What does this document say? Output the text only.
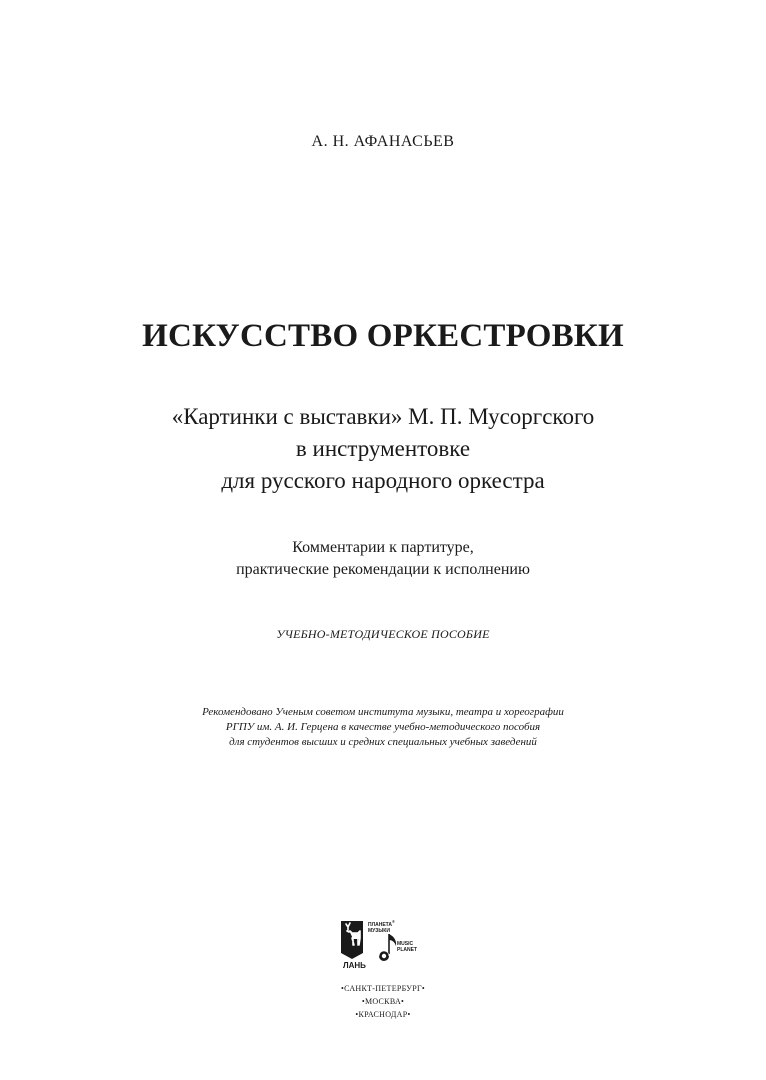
А. Н. АФАНАСЬЕВ
ИСКУССТВО ОРКЕСТРОВКИ
«Картинки с выставки» М. П. Мусоргского
в инструментовке
для русского народного оркестра
Комментарии к партитуре,
практические рекомендации к исполнению
УЧЕБНО-МЕТОДИЧЕСКОЕ ПОСОБИЕ
Рекомендовано Ученым советом института музыки, театра и хореографии
РГПУ им. А. И. Герцена в качестве учебно-методического пособия
для студентов высших и средних специальных учебных заведений
ЛАНЬ
ПЛАНЕТА
МУЗЫКИ
®
MUSIC
PLANET
•САНКТ-ПЕТЕРБУРГ•
•МОСКВА•
•КРАСНОДАР•
